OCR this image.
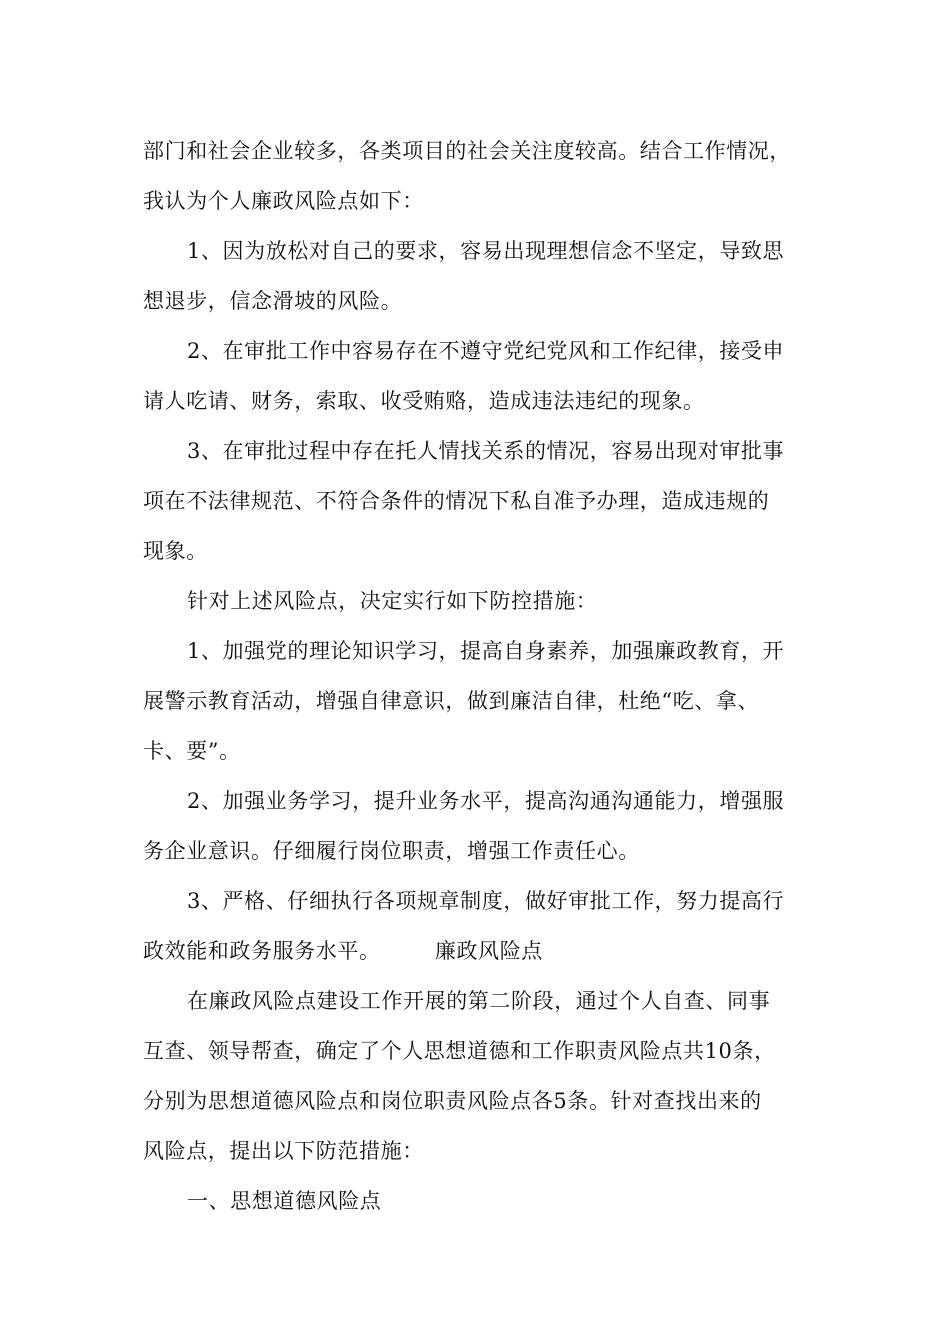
部门和社会企业较多，各类项目的社会关注度较高。结合工作情况，
我认为个人廉政风险点如下：
1、因为放松对自己的要求，容易出现理想信念不坚定，导致思
想退步，信念滑坡的风险。
2、在审批工作中容易存在不遵守党纪党风和工作纪律，接受申
请人吃请、财务，索取、收受贿赂，造成违法违纪的现象。
3、在审批过程中存在托人情找关系的情况，容易出现对审批事
项在不法律规范、不符合条件的情况下私自准予办理，造成违规的
现象。
针对上述风险点，决定实行如下防控措施：
1、加强党的理论知识学习，提高自身素养，加强廉政教育，开
展警示教育活动，增强自律意识，做到廉洁自律，杜绝“吃、拿、
卡、要”。
2、加强业务学习，提升业务水平，提高沟通沟通能力，增强服
务企业意识。仔细履行岗位职责，增强工作责任心。
3、严格、仔细执行各项规章制度，做好审批工作，努力提高行
政效能和政务服务水平。　　　廉政风险点
在廉政风险点建设工作开展的第二阶段，通过个人自查、同事
互查、领导帮查，确定了个人思想道德和工作职责风险点共10条，
分别为思想道德风险点和岗位职责风险点各5条。针对查找出来的
风险点，提出以下防范措施：
一、思想道德风险点
